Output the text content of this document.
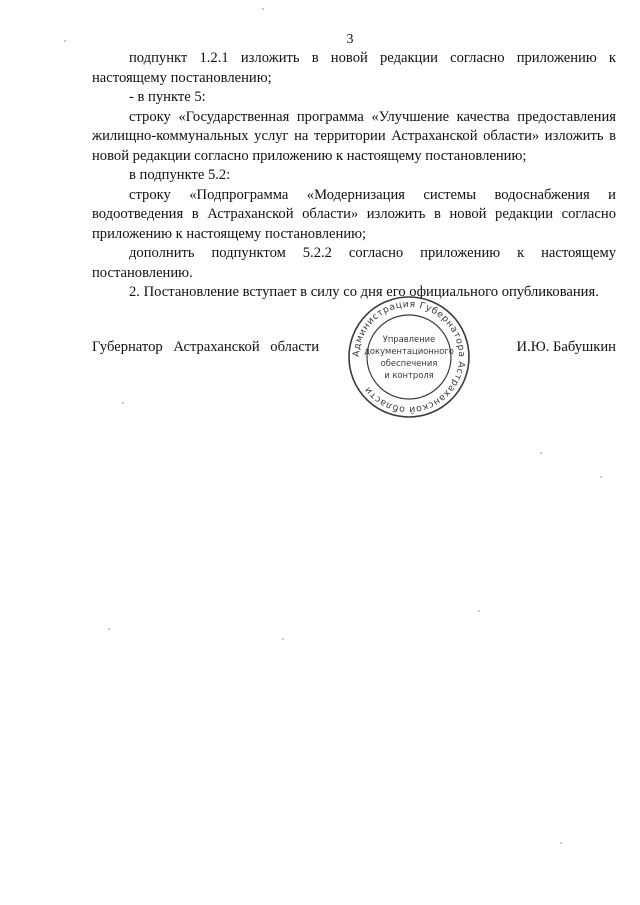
3

подпункт 1.2.1 изложить в новой редакции согласно приложению к настоящему постановлению;

- в пункте 5:

строку «Государственная программа «Улучшение качества предоставления жилищно-коммунальных услуг на территории Астраханской области» изложить в новой редакции согласно приложению к настоящему постановлению;

в подпункте 5.2:

строку «Подпрограмма «Модернизация системы водоснабжения и водоотведения в Астраханской области» изложить в новой редакции согласно приложению к настоящему постановлению;

дополнить подпунктом 5.2.2 согласно приложению к настоящему постановлению.

2. Постановление вступает в силу со дня его официального опубликования.

Губернатор Астраханской области	И.Ю. Бабушкин
Администрация Губернатора Астраханской области
Управление
документационного
обеспечения
и контроля
